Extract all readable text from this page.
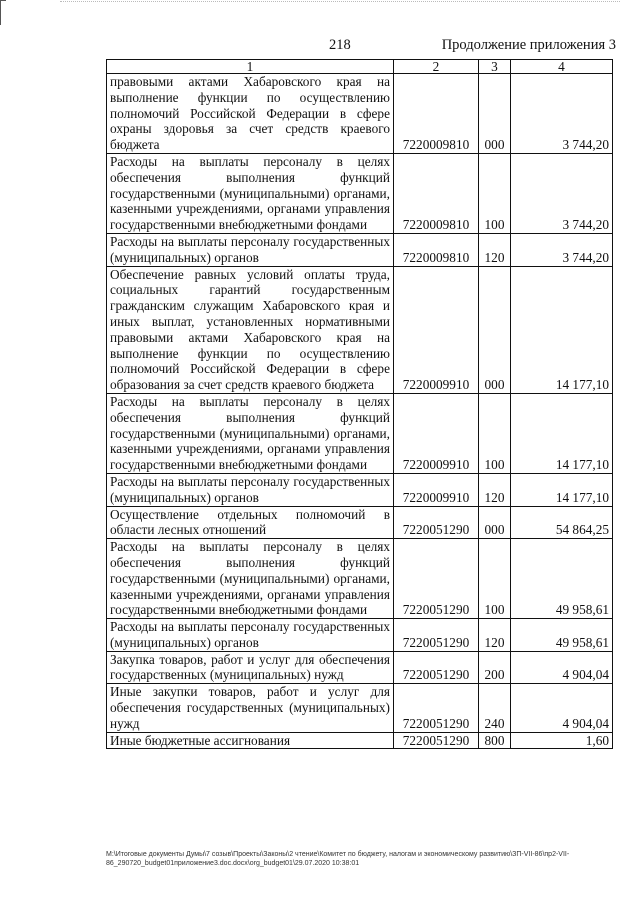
218	Продолжение приложения 3
1	2	3	4
правовыми актами Хабаровского края на выполнение функции по осуществлению полномочий Российской Федерации в сфере охраны здоровья за счет средств краевого бюджета	7220009810	000	3 744,20
Расходы на выплаты персоналу в целях обеспечения выполнения функций государственными (муниципальными) органами, казенными учреждениями, органами управления государственными внебюджетными фондами	7220009810	100	3 744,20
Расходы на выплаты персоналу государственных (муниципальных) органов	7220009810	120	3 744,20
Обеспечение равных условий оплаты труда, социальных гарантий государственным гражданским служащим Хабаровского края и иных выплат, установленных нормативными правовыми актами Хабаровского края на выполнение функции по осуществлению полномочий Российской Федерации в сфере образования за счет средств краевого бюджета	7220009910	000	14 177,10
Расходы на выплаты персоналу в целях обеспечения выполнения функций государственными (муниципальными) органами, казенными учреждениями, органами управления государственными внебюджетными фондами	7220009910	100	14 177,10
Расходы на выплаты персоналу государственных (муниципальных) органов	7220009910	120	14 177,10
Осуществление отдельных полномочий в области лесных отношений	7220051290	000	54 864,25
Расходы на выплаты персоналу в целях обеспечения выполнения функций государственными (муниципальными) органами, казенными учреждениями, органами управления государственными внебюджетными фондами	7220051290	100	49 958,61
Расходы на выплаты персоналу государственных (муниципальных) органов	7220051290	120	49 958,61
Закупка товаров, работ и услуг для обеспечения государственных (муниципальных) нужд	7220051290	200	4 904,04
Иные закупки товаров, работ и услуг для обеспечения государственных (муниципальных) нужд	7220051290	240	4 904,04
Иные бюджетные ассигнования	7220051290	800	1,60
M:\Итоговые документы Думы\7 созыв\Проекты\Законы\2 чтение\Комитет по бюджету, налогам и экономическому развитию\ЗП-VII-86\пр2-VII-86_290720_budget01приложение3.doc.docx\org_budget01\29.07.2020 10:38:01
